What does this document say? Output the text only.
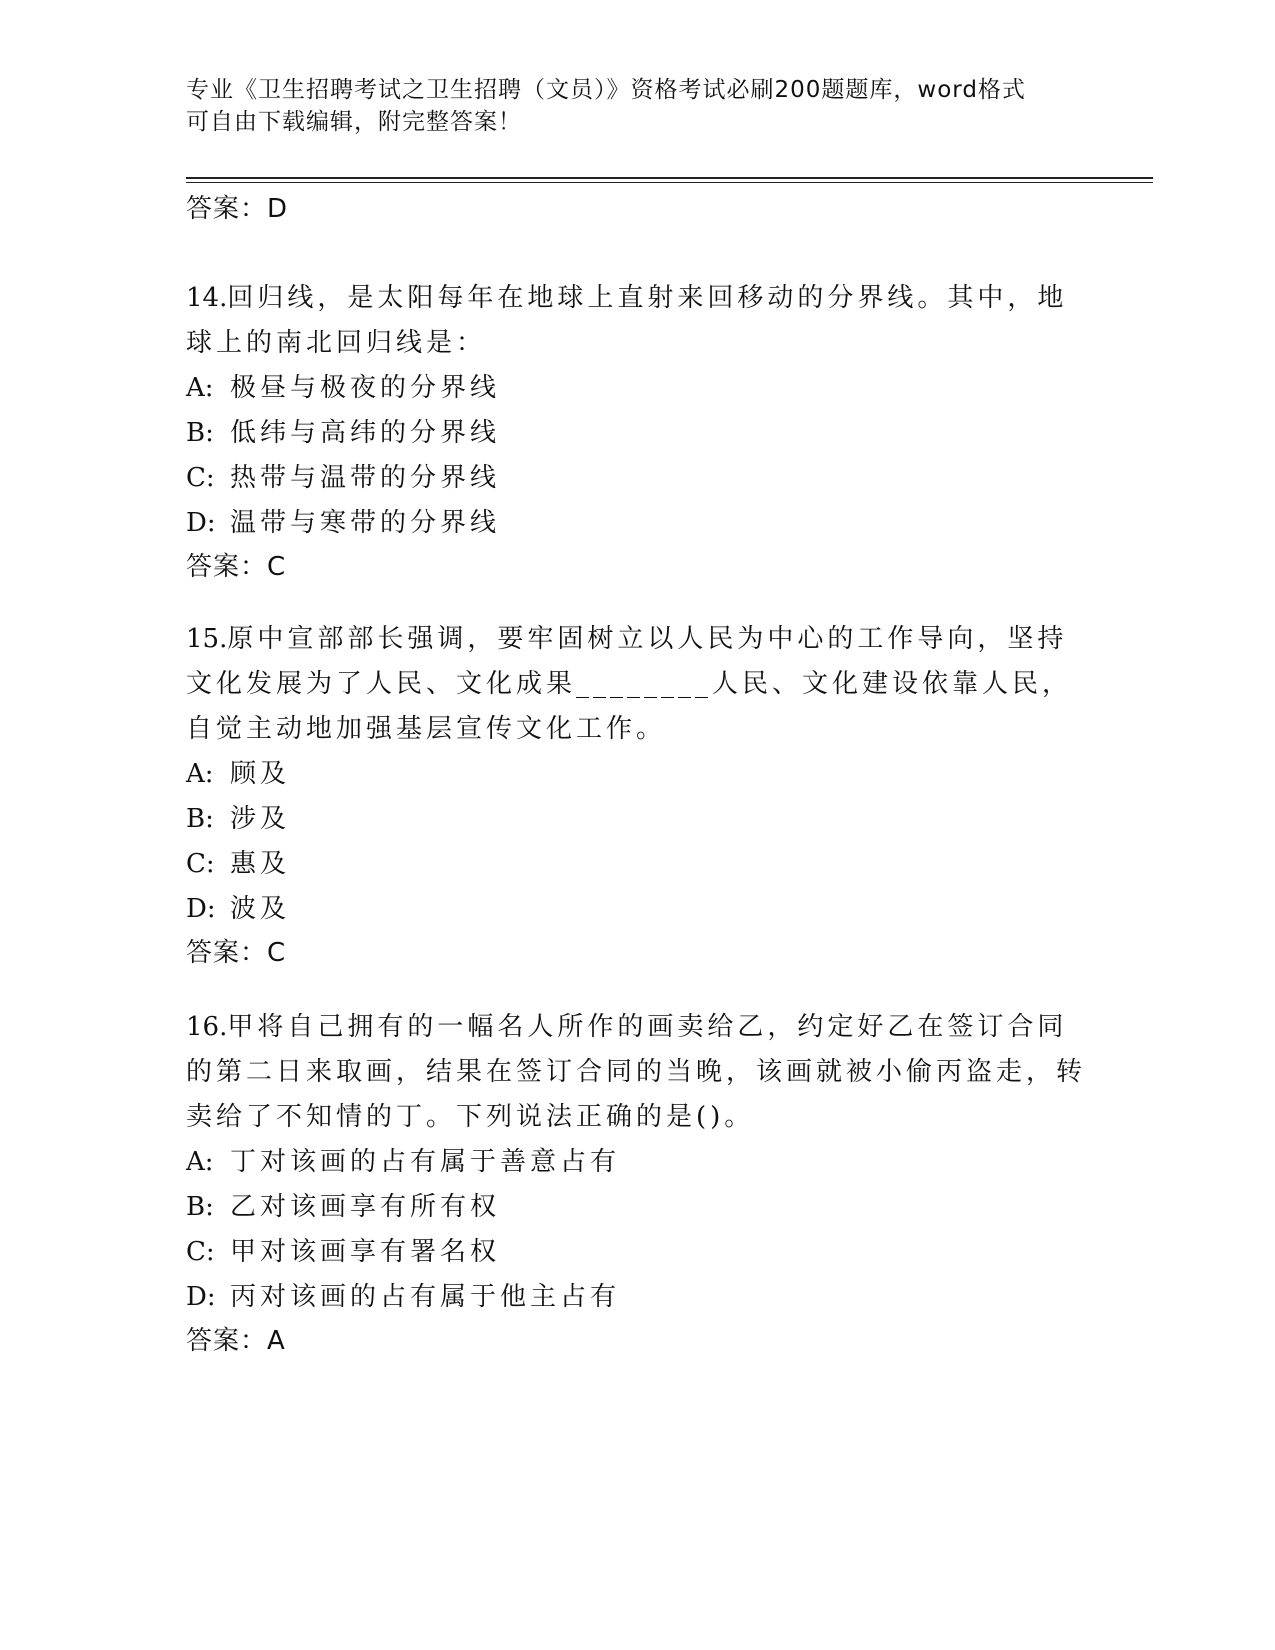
专业《卫生招聘考试之卫生招聘（文员）》资格考试必刷200题题库，word格式
可自由下载编辑，附完整答案！
答案：D
14.回归线，是太阳每年在地球上直射来回移动的分界线。其中，地球上的南北回归线是：
A: 极昼与极夜的分界线
B: 低纬与高纬的分界线
C: 热带与温带的分界线
D: 温带与寒带的分界线
答案：C
15.原中宣部部长强调，要牢固树立以人民为中心的工作导向，坚持文化发展为了人民、文化成果________人民、文化建设依靠人民，自觉主动地加强基层宣传文化工作。
A: 顾及
B: 涉及
C: 惠及
D: 波及
答案：C
16.甲将自己拥有的一幅名人所作的画卖给乙，约定好乙在签订合同的第二日来取画，结果在签订合同的当晚，该画就被小偷丙盗走，转卖给了不知情的丁。下列说法正确的是()。
A: 丁对该画的占有属于善意占有
B: 乙对该画享有所有权
C: 甲对该画享有署名权
D: 丙对该画的占有属于他主占有
答案：A
